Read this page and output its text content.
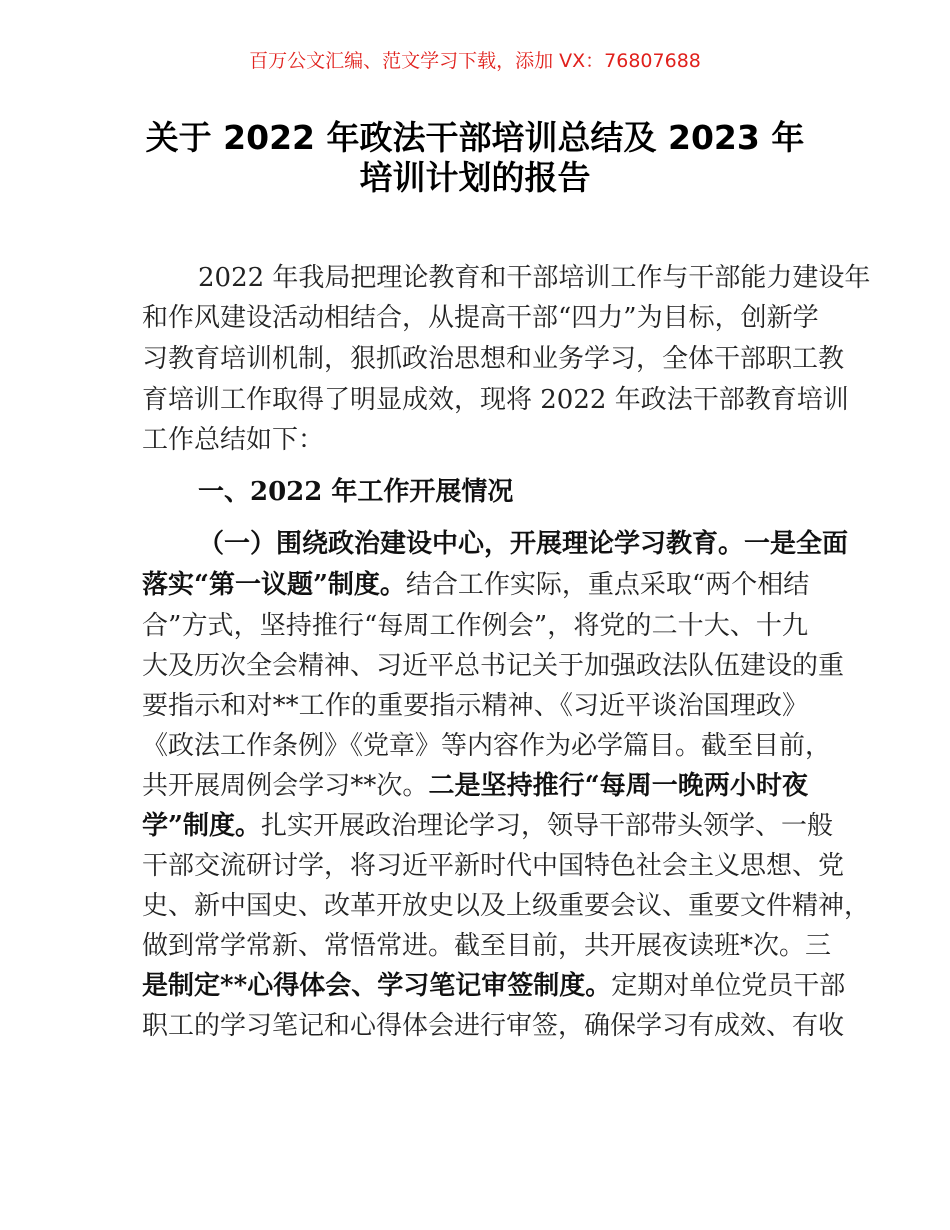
百万公文汇编、范文学习下载，添加 VX：76807688
关于 2022 年政法干部培训总结及 2023 年
培训计划的报告
2022 年我局把理论教育和干部培训工作与干部能力建设年
和作风建设活动相结合，从提高干部“四力”为目标，创新学
习教育培训机制，狠抓政治思想和业务学习，全体干部职工教
育培训工作取得了明显成效，现将 2022 年政法干部教育培训
工作总结如下：
一、2022 年工作开展情况
（一）围绕政治建设中心，开展理论学习教育。一是全面
落实“第一议题”制度。结合工作实际，重点采取“两个相结
合”方式，坚持推行“每周工作例会”，将党的二十大、十九
大及历次全会精神、习近平总书记关于加强政法队伍建设的重
要指示和对**工作的重要指示精神、《习近平谈治国理政》
《政法工作条例》《党章》等内容作为必学篇目。截至目前，
共开展周例会学习**次。二是坚持推行“每周一晚两小时夜
学”制度。扎实开展政治理论学习，领导干部带头领学、一般
干部交流研讨学，将习近平新时代中国特色社会主义思想、党
史、新中国史、改革开放史以及上级重要会议、重要文件精神，
做到常学常新、常悟常进。截至目前，共开展夜读班*次。三
是制定**心得体会、学习笔记审签制度。定期对单位党员干部
职工的学习笔记和心得体会进行审签，确保学习有成效、有收
